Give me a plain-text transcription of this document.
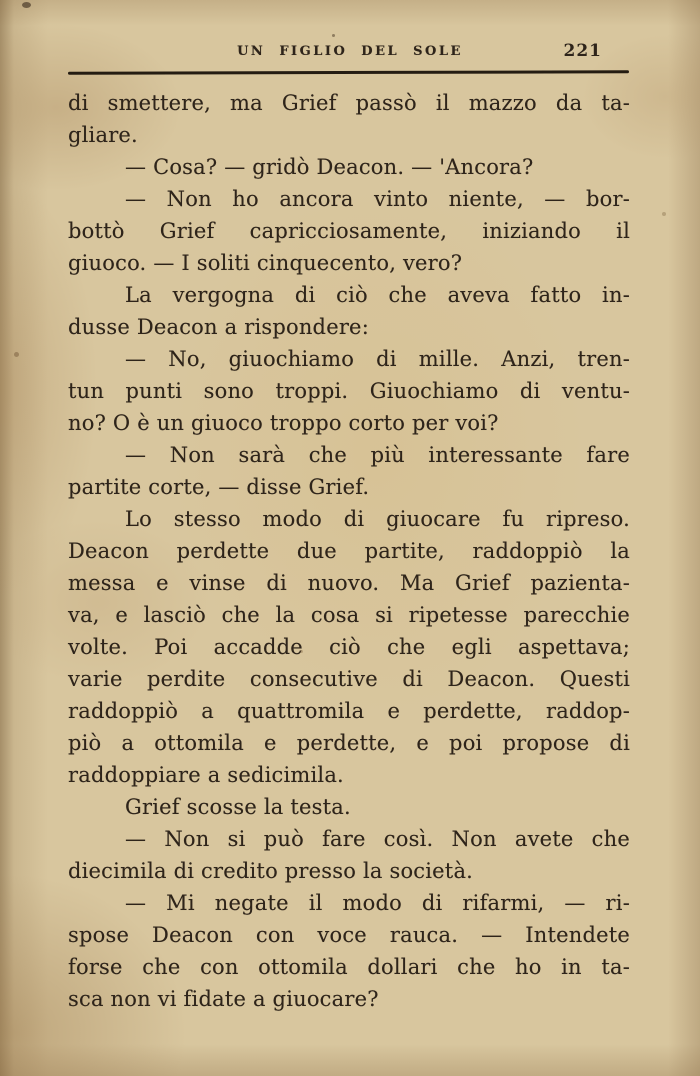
UN FIGLIO DEL SOLE	221
di smettere, ma Grief passò il mazzo da ta-
gliare.
— Cosa? — gridò Deacon. — 'Ancora?
— Non ho ancora vinto niente, — bor-
bottò Grief capricciosamente, iniziando il
giuoco. — I soliti cinquecento, vero?
La vergogna di ciò che aveva fatto in-
dusse Deacon a rispondere:
— No, giuochiamo di mille. Anzi, tren-
tun punti sono troppi. Giuochiamo di ventu-
no? O è un giuoco troppo corto per voi?
— Non sarà che più interessante fare
partite corte, — disse Grief.
Lo stesso modo di giuocare fu ripreso.
Deacon perdette due partite, raddoppiò la
messa e vinse di nuovo. Ma Grief pazienta-
va, e lasciò che la cosa si ripetesse parecchie
volte. Poi accadde ciò che egli aspettava;
varie perdite consecutive di Deacon. Questi
raddoppiò a quattromila e perdette, raddop-
piò a ottomila e perdette, e poi propose di
raddoppiare a sedicimila.
Grief scosse la testa.
— Non si può fare così. Non avete che
diecimila di credito presso la società.
— Mi negate il modo di rifarmi, — ri-
spose Deacon con voce rauca. — Intendete
forse che con ottomila dollari che ho in ta-
sca non vi fidate a giuocare?
